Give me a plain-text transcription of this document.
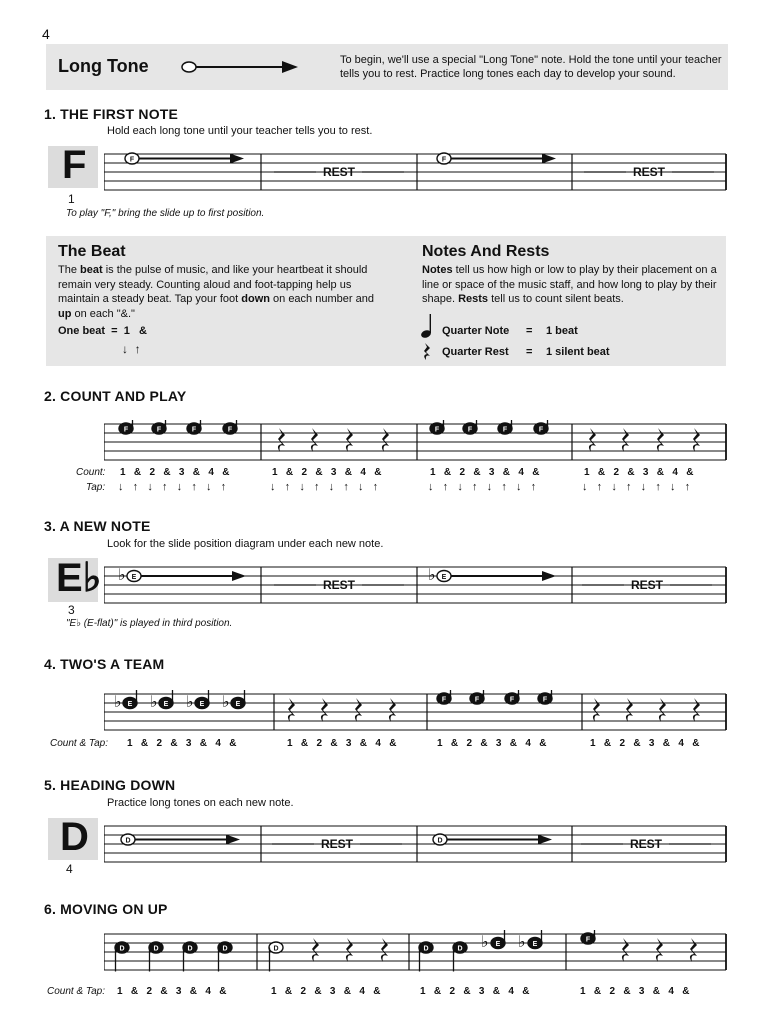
4
Long Tone	To begin, we'll use a special "Long Tone" note. Hold the tone until your teacher tells you to rest. Practice long tones each day to develop your sound.
1. THE FIRST NOTE
Hold each long tone until your teacher tells you to rest.
F
1
To play "F," bring the slide up to first position.
F
REST
F
REST
The Beat
The beat is the pulse of music, and like your heartbeat it should remain very steady. Counting aloud and foot-tapping help us maintain a steady beat. Tap your foot down on each number and up on each "&."
One beat  =  1   &
↓  ↑
Notes And Rests
Notes tell us how high or low to play by their placement on a line or space of the music staff, and how long to play by their shape. Rests tell us to count silent beats.
Quarter Note = 1 beat
Quarter Rest = 1 silent beat
2. COUNT AND PLAY
F	F	F	F	F	F	F	F
Count:
Tap:
1   &   2   &   3   &   4   &	1   &   2   &   3   &   4   &	1   &   2   &   3   &   4   &	1   &   2   &   3   &   4   &
↓   ↑   ↓   ↑   ↓   ↑   ↓   ↑	↓   ↑   ↓   ↑   ↓   ↑   ↓   ↑	↓   ↑   ↓   ↑   ↓   ↑   ↓   ↑	↓   ↑   ↓   ↑   ↓   ↑   ↓   ↑
3. A NEW NOTE
Look for the slide position diagram under each new note.
E♭
3
"E♭ (E-flat)" is played in third position.
♭ E
REST
♭ E
REST
4. TWO'S A TEAM
♭ E ♭ E ♭ E ♭ E
F	F	F	F
Count & Tap: 1   &   2   &   3   &   4   &	1   &   2   &   3   &   4   &	1   &   2   &   3   &   4   &	1   &   2   &   3   &   4   &
5. HEADING DOWN
Practice long tones on each new note.
D
4
D	REST	D	REST
6. MOVING ON UP
D	D	D	D	D	D	D ♭ E ♭ E
F
Count & Tap: 1   &   2   &   3   &   4   &	1   &   2   &   3   &   4   &	1   &   2   &   3   &   4   &	1   &   2   &   3   &   4   &
